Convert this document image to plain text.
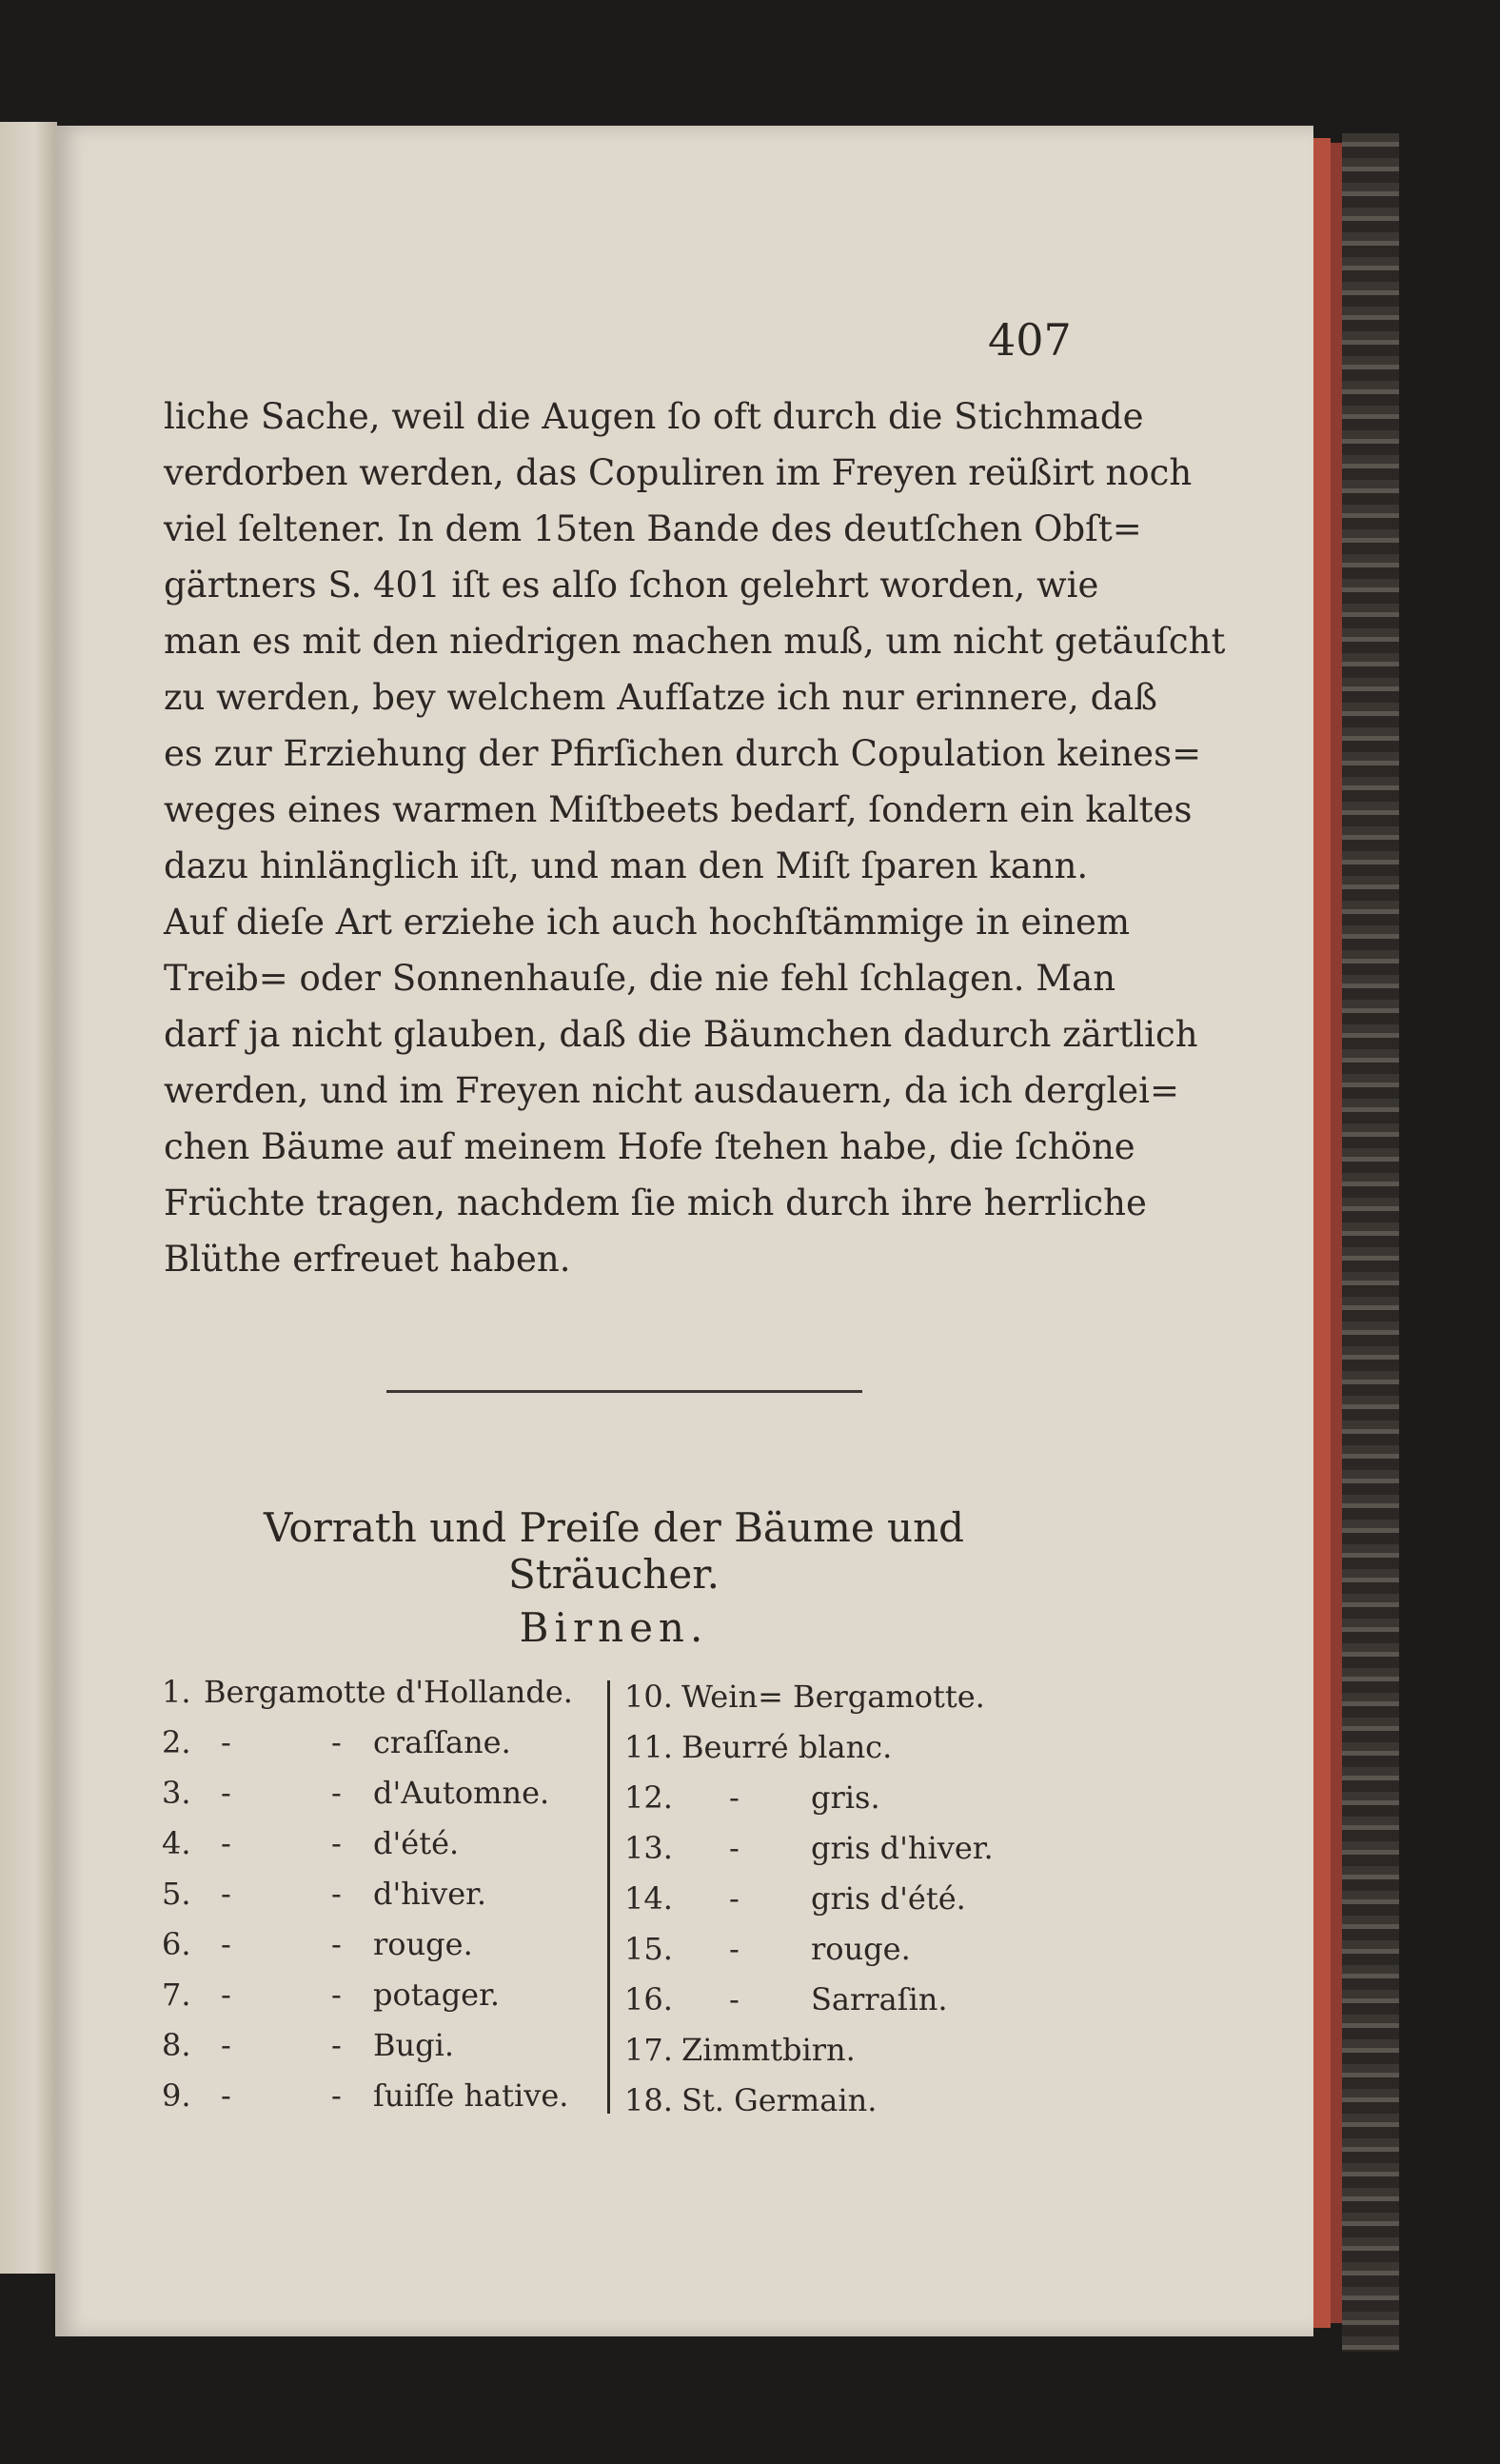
407
liche Sache, weil die Augen ſo oft durch die Stichmade
verdorben werden, das Copuliren im Freyen reüßirt noch
viel ſeltener. In dem 15ten Bande des deutſchen Obſt=
gärtners S. 401 iſt es alſo ſchon gelehrt worden, wie
man es mit den niedrigen machen muß, um nicht getäuſcht
zu werden, bey welchem Aufſatze ich nur erinnere, daß
es zur Erziehung der Pfirſichen durch Copulation keines=
weges eines warmen Miſtbeets bedarf, ſondern ein kaltes
dazu hinlänglich iſt, und man den Miſt ſparen kann.
Auf dieſe Art erziehe ich auch hochſtämmige in einem
Treib= oder Sonnenhauſe, die nie fehl ſchlagen. Man
darf ja nicht glauben, daß die Bäumchen dadurch zärtlich
werden, und im Freyen nicht ausdauern, da ich derglei=
chen Bäume auf meinem Hofe ſtehen habe, die ſchöne
Früchte tragen, nachdem ſie mich durch ihre herrliche
Blüthe erfreuet haben.
Vorrath und Preiſe der Bäume und Sträucher.
Birnen.
1. Bergamotte d'Hollande.
2. -	- craſſane.
3. -	- d'Automne.
4. -	- d'été.
5. -	- d'hiver.
6. -	- rouge.
7. -	- potager.
8. -	- Bugi.
9. -	- ſuiſſe hative.
10. Wein= Bergamotte.
11. Beurré blanc.
12. - gris.
13. - gris d'hiver.
14. - gris d'été.
15. - rouge.
16. - Sarraſin.
17. Zimmtbirn.
18. St. Germain.
